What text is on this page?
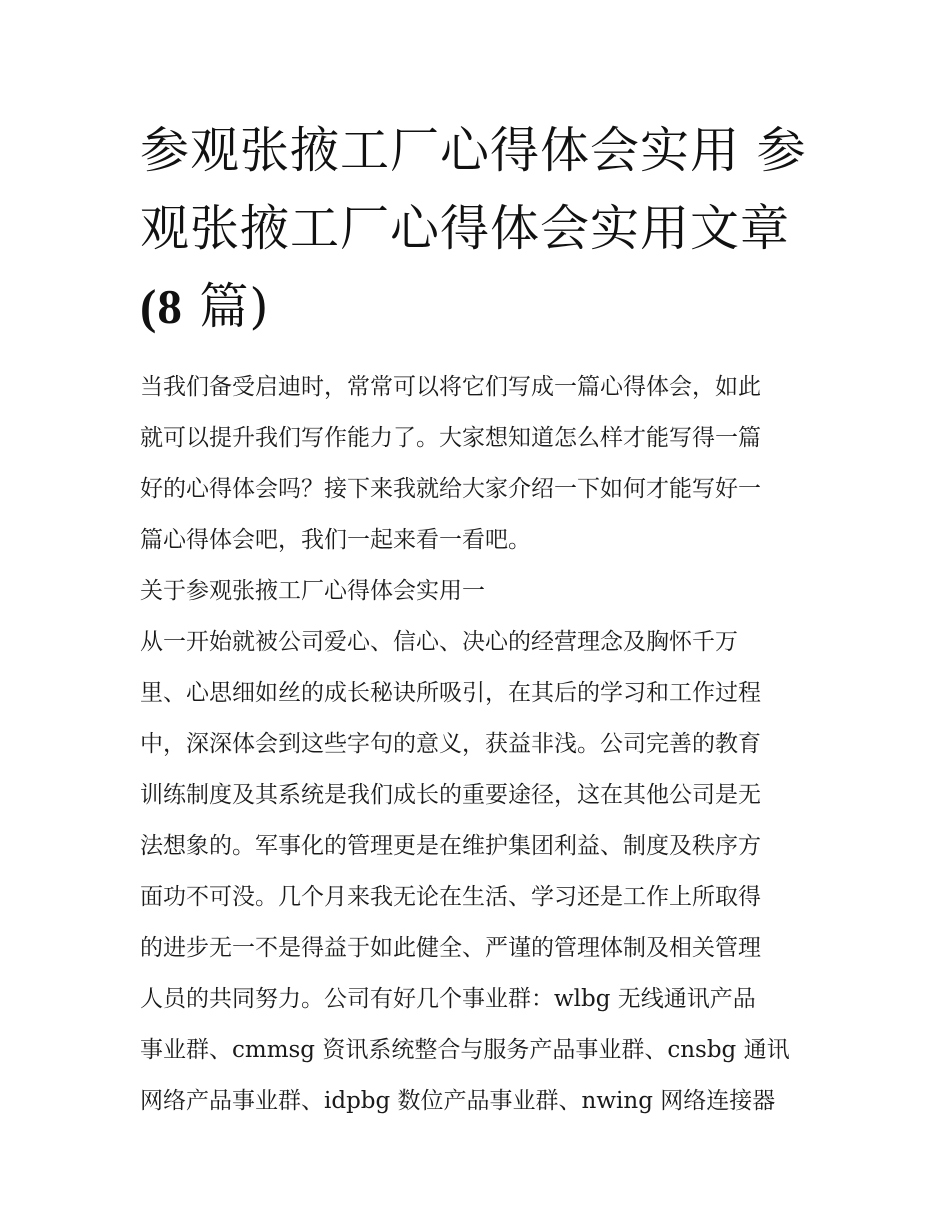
参观张掖工厂心得体会实用 参
观张掖工厂心得体会实用文章
(8 篇)

当我们备受启迪时，常常可以将它们写成一篇心得体会，如此
就可以提升我们写作能力了。大家想知道怎么样才能写得一篇
好的心得体会吗？接下来我就给大家介绍一下如何才能写好一
篇心得体会吧，我们一起来看一看吧。

关于参观张掖工厂心得体会实用一

从一开始就被公司爱心、信心、决心的经营理念及胸怀千万
里、心思细如丝的成长秘诀所吸引，在其后的学习和工作过程
中，深深体会到这些字句的意义，获益非浅。公司完善的教育
训练制度及其系统是我们成长的重要途径，这在其他公司是无
法想象的。军事化的管理更是在维护集团利益、制度及秩序方
面功不可没。几个月来我无论在生活、学习还是工作上所取得
的进步无一不是得益于如此健全、严谨的管理体制及相关管理
人员的共同努力。公司有好几个事业群：wlbg 无线通讯产品
事业群、cmmsg 资讯系统整合与服务产品事业群、cnsbg 通讯
网络产品事业群、idpbg 数位产品事业群、nwing 网络连接器
